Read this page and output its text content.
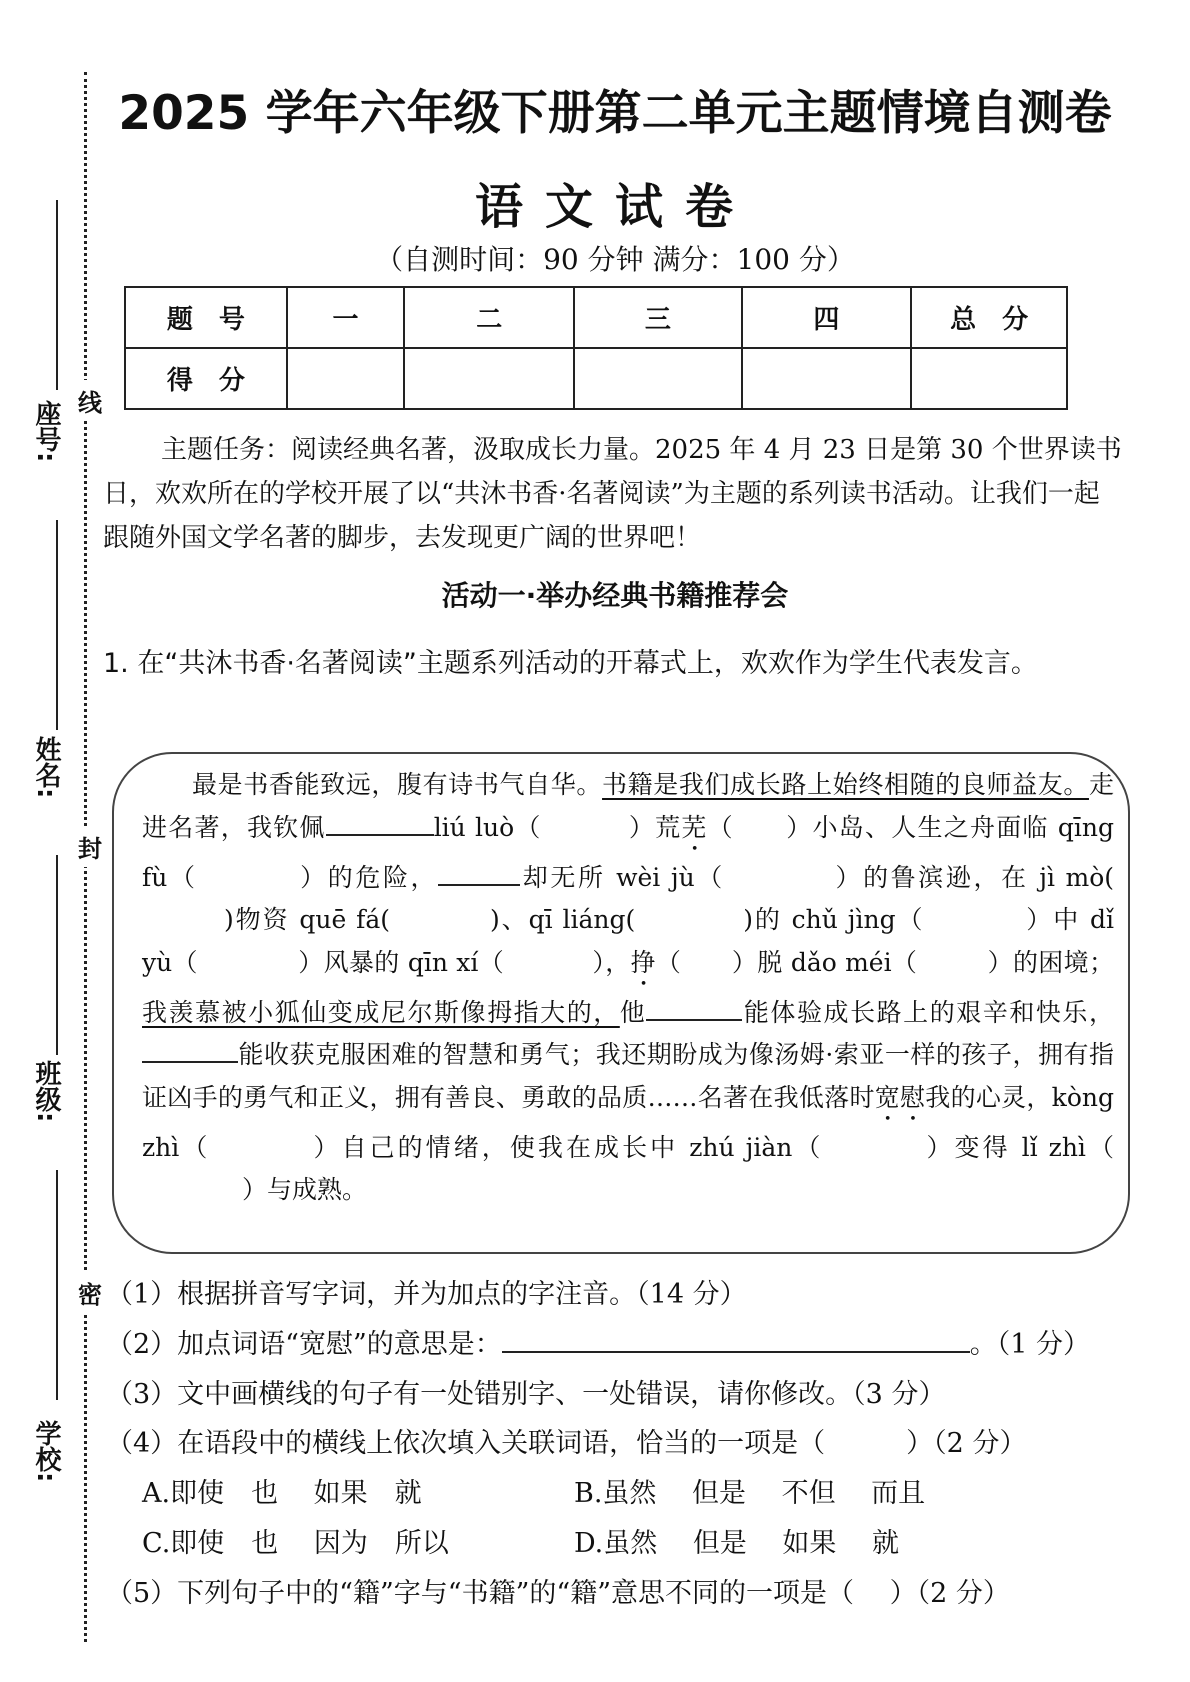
座号:
姓名:
班级:
学校:
线
封
密
2025 学年六年级下册第二单元主题情境自测卷
语文试卷
（自测时间：90 分钟 满分：100 分）
题　号	一	二	三	四	总　分
得　分					
主题任务：阅读经典名著，汲取成长力量。2025 年 4 月 23 日是第 30 个世界读书日，欢欢所在的学校开展了以“共沐书香·名著阅读”为主题的系列读书活动。让我们一起跟随外国文学名著的脚步，去发现更广阔的世界吧！
活动一·举办经典书籍推荐会
1. 在“共沐书香·名著阅读”主题系列活动的开幕式上，欢欢作为学生代表发言。
最是书香能致远，腹有诗书气自华。书籍是我们成长路上始终相随的良师益友。走进名著，我钦佩	liú luò（	）荒芜（　　）小岛、人生之舟面临 qīng　fù（	）的危险，	却无所 wèi jù（	）的鲁滨逊，在 jì mò()物资 quē fá(	)、qī liáng(	)的 chǔ jìng（	）中 dǐ yù（	）风暴的 qīn xí（	），挣（　　）脱 dǎo méi（	）的困境；我羡慕被小狐仙变成尼尔斯像拇指大的，他	能体验成长路上的艰辛和快乐，能收获克服困难的智慧和勇气；我还期盼成为像汤姆·索亚一样的孩子，拥有指证凶手的勇气和正义，拥有善良、勇敢的品质……名著在我低落时宽慰我的心灵，kòng zhì（	）自己的情绪，使我在成长中 zhú jiàn（	）变得 lǐ zhì（）与成熟。
（1）根据拼音写字词，并为加点的字注音。（14 分）
（2）加点词语“宽慰”的意思是：	。（1 分）
（3）文中画横线的句子有一处错别字、一处错误，请你修改。（3 分）
（4）在语段中的横线上依次填入关联词语，恰当的一项是（　　　）（2 分）
A.即使　也　 如果　就	B.虽然　 但是　 不但　 而且
C.即使　也　 因为　所以	D.虽然　 但是　 如果　 就
（5）下列句子中的“籍”字与“书籍”的“籍”意思不同的一项是（　 ）（2 分）
